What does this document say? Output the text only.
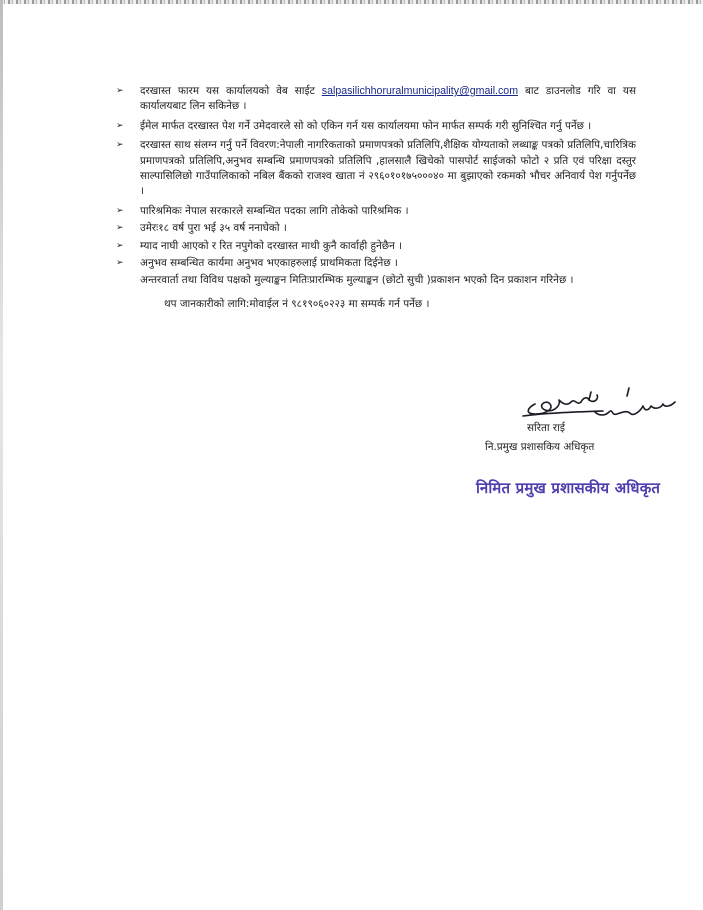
➢ दरखास्त फारम यस कार्यालयको वेब साईट salpasilichhoruralmunicipality@gmail.com बाट डाउनलोड गरि वा यस कार्यालयबाट लिन सकिनेछ ।
➢ ईमेल मार्फत दरखास्त पेश गर्ने उमेदवारले सो को एकिन गर्न यस कार्यालयमा फोन मार्फत सम्पर्क गरी सुनिश्चित गर्नु पर्नेछ ।
➢ दरखास्त साथ संलग्न गर्नु पर्ने विवरण:नेपाली नागरिकताको प्रमाणपत्रको प्रतिलिपि,शैक्षिक योग्यताको लब्धाङ्क पत्रको प्रतिलिपि,चारित्रिक प्रमाणपत्रको प्रतिलिपि,अनुभव सम्बन्धि प्रमाणपत्रको प्रतिलिपि ,हालसालै खिचेको पासपोर्ट साईजको फोटो २ प्रति एवं परिक्षा दस्तुर साल्पासिलिछो गाउँपालिकाको नबिल बैंकको राजश्व खाता नं २९६०१०१७५०००४० मा बुझाएको रकमको भौचर अनिवार्य पेश गर्नुपर्नेछ ।
➢ पारिश्रमिकः नेपाल सरकारले सम्बन्धित पदका लागि तोकेको पारिश्रमिक ।
➢ उमेरः१८ वर्ष पुरा भई ३५ वर्ष ननाघेको ।
➢ म्याद नाघी आएको र रित नपुगेको दरखास्त माथी कुनै कार्वाही हुनेछैन ।
➢ अनुभव सम्बन्धित कार्यमा अनुभव भएकाहरुलाई प्राथमिकता दिईनेछ ।
अन्तरवार्ता तथा विविध पक्षको मुल्याङ्कन मितिःप्रारम्भिक मुल्याङ्कन (छोटो सुची )प्रकाशन भएको दिन प्रकाशन गरिनेछ ।
थप जानकारीको लागि:मोवाईल नं ९८१९०६०२२३ मा सम्पर्क गर्न पर्नेछ ।
सरिता राई
नि.प्रमुख प्रशासकिय अधिकृत
निमित प्रमुख प्रशासकीय अधिकृत
